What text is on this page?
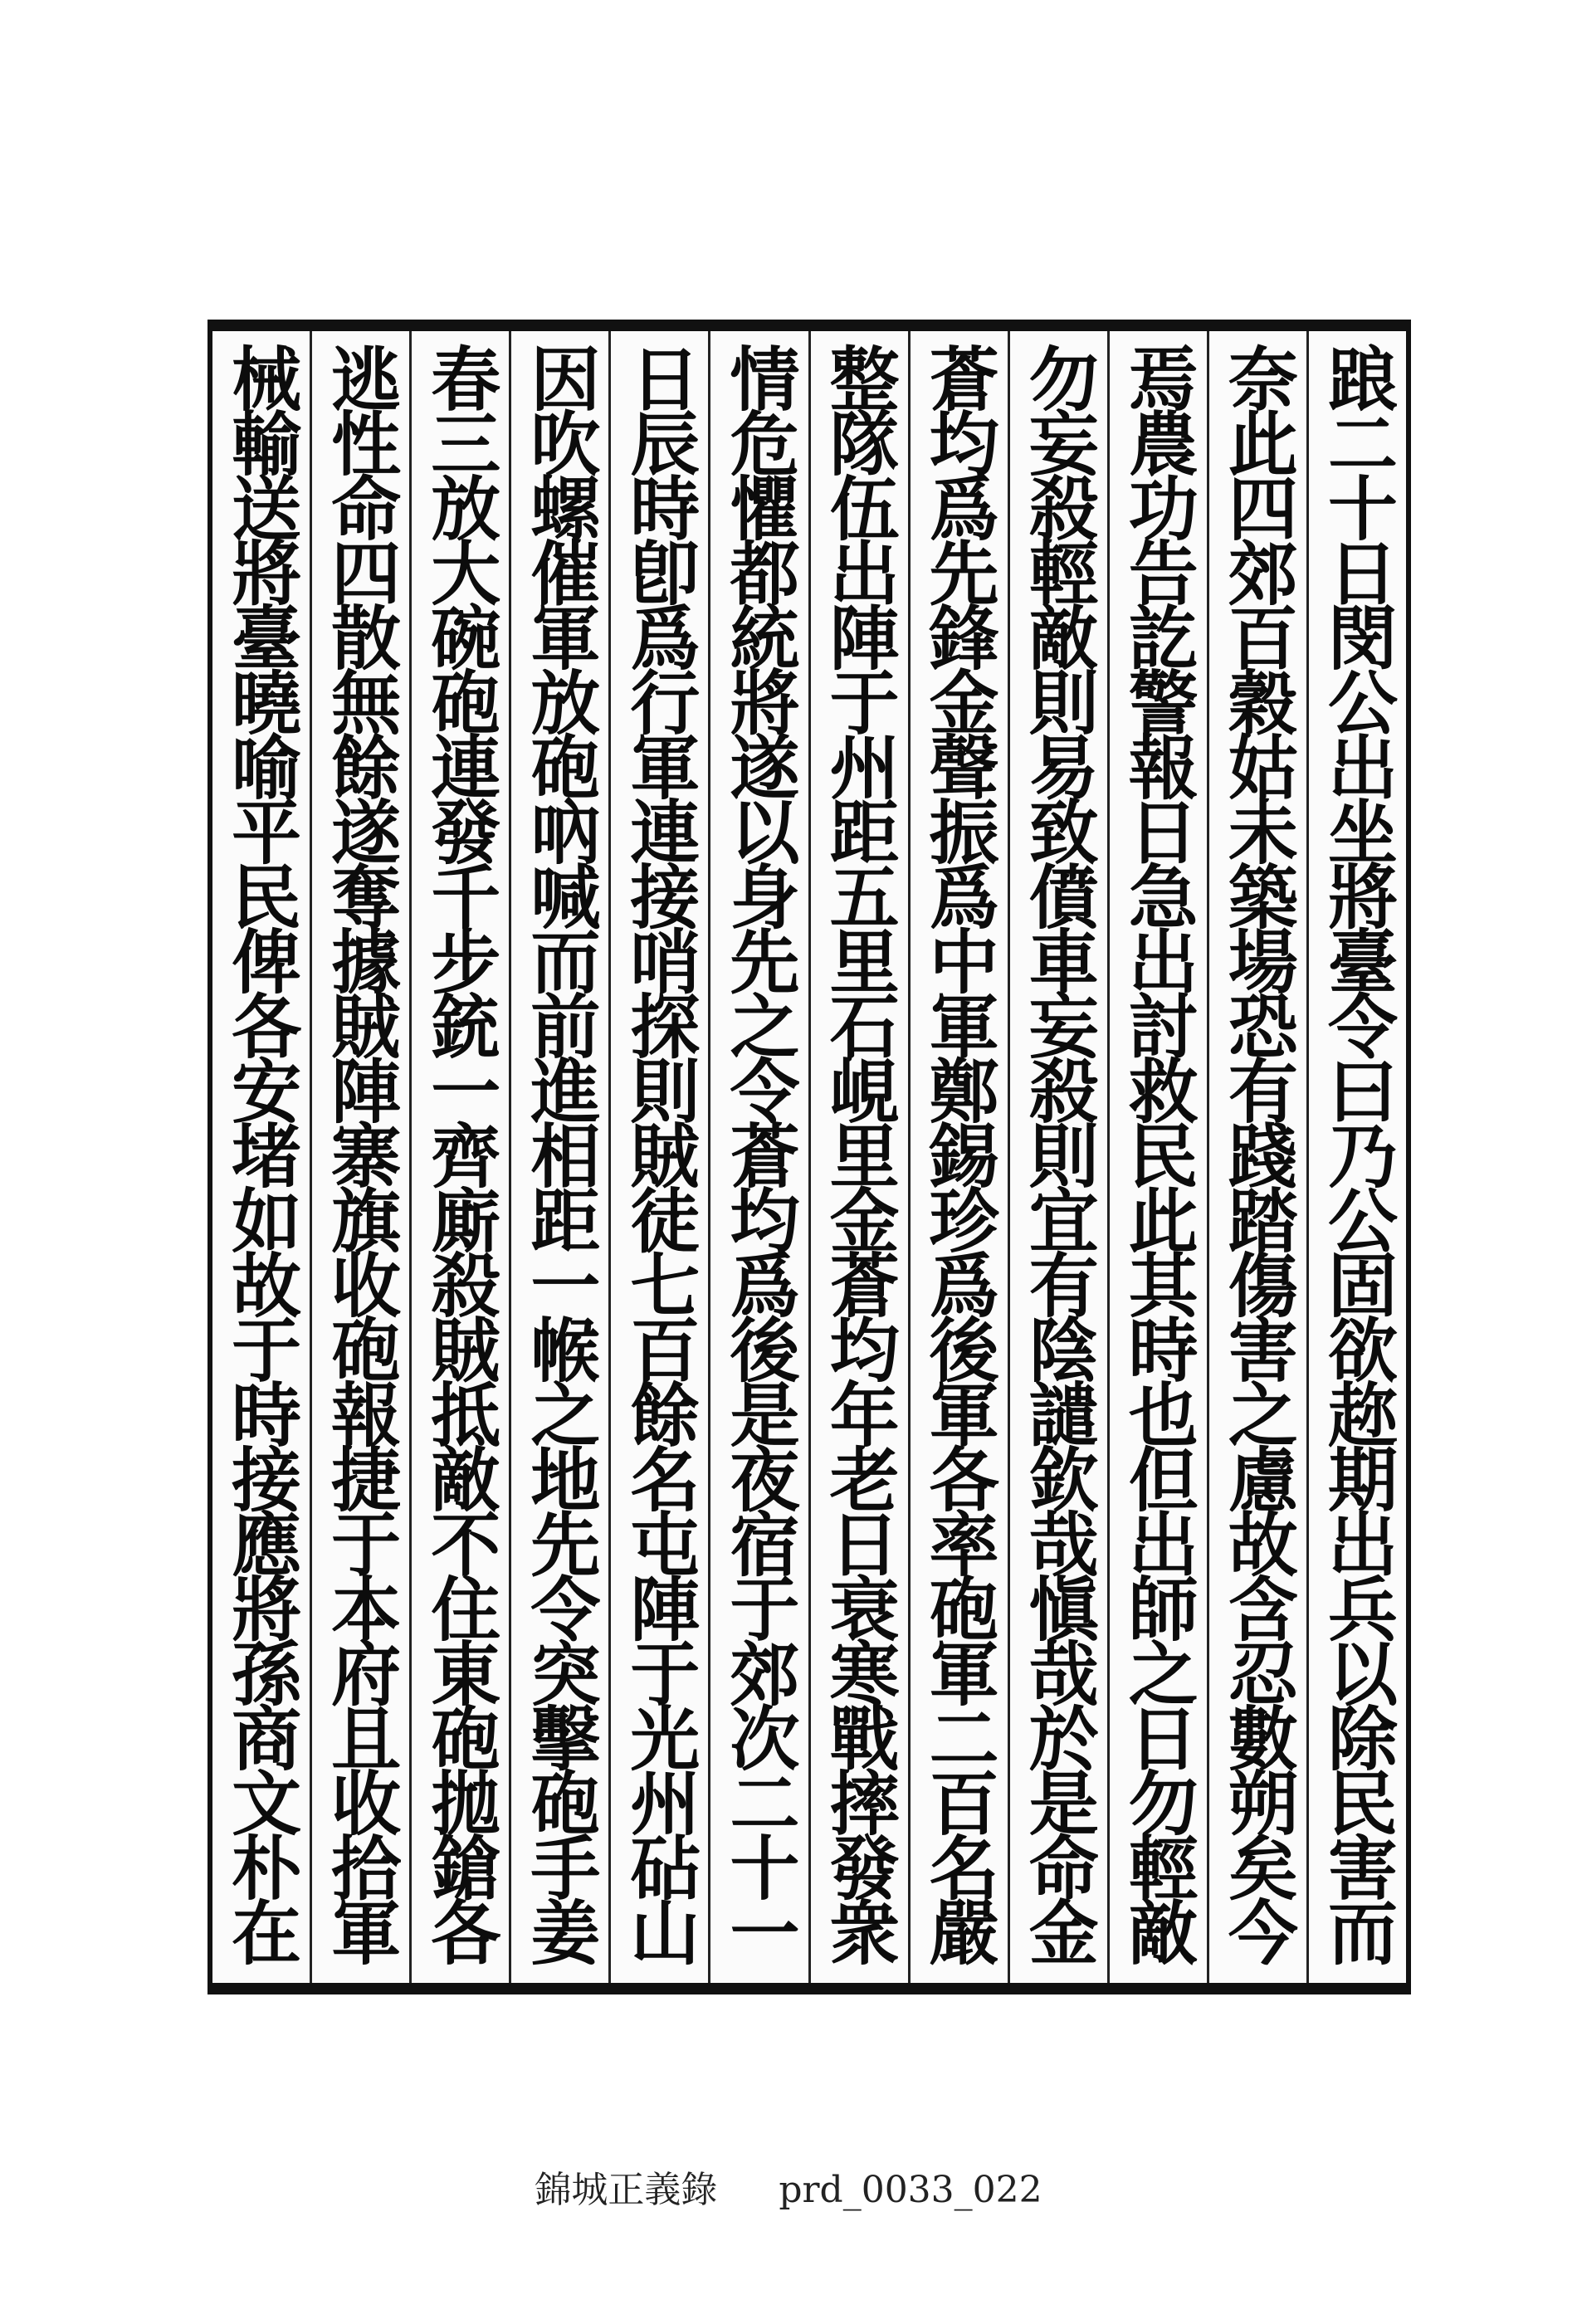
踉二十日閔公出坐將臺令曰乃公固欲趂期出兵以除民害而
奈此四郊百穀姑未築場恐有踐踏傷害之慮故含忍數朔矣今
焉農功告訖警報日急出討救民此其時也但出師之日勿輕敵
勿妄殺輕敵則易致僨車妄殺則宜有陰譴欽哉愼哉於是命金
蒼均爲先鋒金聲振爲中軍鄭錫珍爲後軍各率砲軍二百名嚴
整隊伍出陣于州距五里石峴里金蒼均年老日衰寒戰摔發衆
情危懼都統將遂以身先之令蒼均爲後是夜宿于郊次二十一
日辰時卽爲行軍連接哨探則賊徒七百餘名屯陣于光州砧山
因吹螺催軍放砲吶喊而前進相距一帿之地先令突擊砲手姜
春三放大碗砲連發千步銃一齊廝殺賊抵敵不住東砲拋鎗各
逃性命四散無餘遂奪據賊陣寨旗收砲報捷于本府且收拾軍
械輸送將臺曉喻平民俾各安堵如故于時接應將孫商文朴在
錦城正義錄 prd_0033_022
